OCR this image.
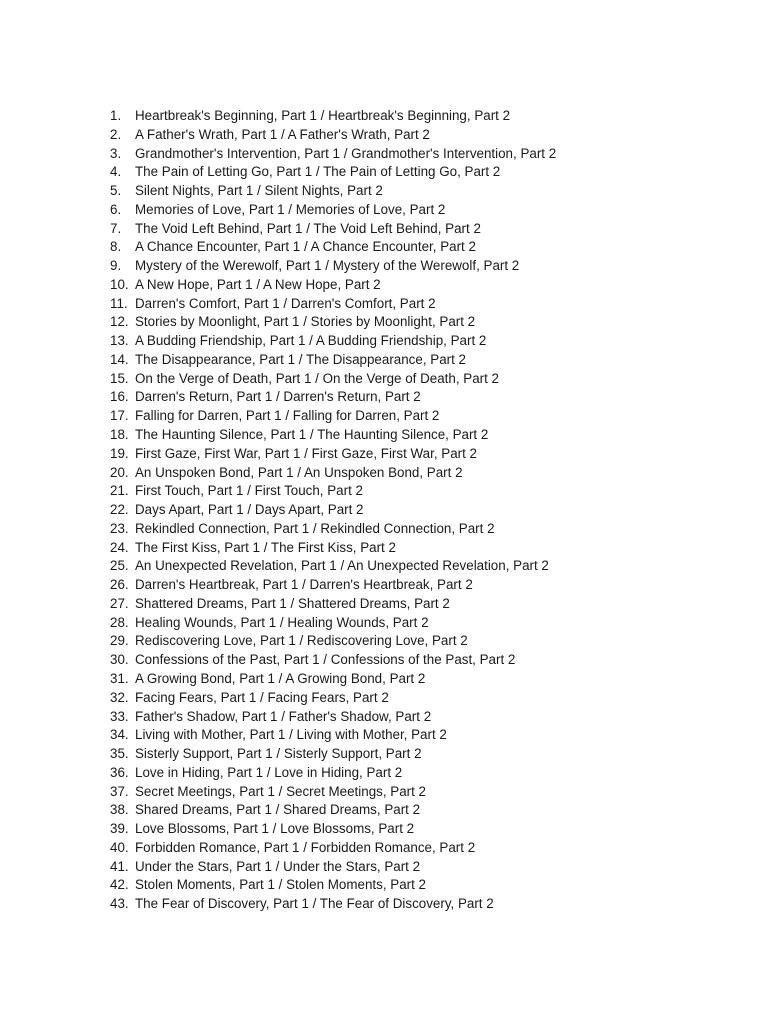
1.	Heartbreak's Beginning, Part 1 / Heartbreak's Beginning, Part 2
2.	A Father's Wrath, Part 1 / A Father's Wrath, Part 2
3.	Grandmother's Intervention, Part 1 / Grandmother's Intervention, Part 2
4.	The Pain of Letting Go, Part 1 / The Pain of Letting Go, Part 2
5.	Silent Nights, Part 1 / Silent Nights, Part 2
6.	Memories of Love, Part 1 / Memories of Love, Part 2
7.	The Void Left Behind, Part 1 / The Void Left Behind, Part 2
8.	A Chance Encounter, Part 1 / A Chance Encounter, Part 2
9.	Mystery of the Werewolf, Part 1 / Mystery of the Werewolf, Part 2
10. A New Hope, Part 1 / A New Hope, Part 2
11. Darren's Comfort, Part 1 / Darren's Comfort, Part 2
12. Stories by Moonlight, Part 1 / Stories by Moonlight, Part 2
13. A Budding Friendship, Part 1 / A Budding Friendship, Part 2
14. The Disappearance, Part 1 / The Disappearance, Part 2
15. On the Verge of Death, Part 1 / On the Verge of Death, Part 2
16. Darren's Return, Part 1 / Darren's Return, Part 2
17. Falling for Darren, Part 1 / Falling for Darren, Part 2
18. The Haunting Silence, Part 1 / The Haunting Silence, Part 2
19. First Gaze, First War, Part 1 / First Gaze, First War, Part 2
20. An Unspoken Bond, Part 1 / An Unspoken Bond, Part 2
21. First Touch, Part 1 / First Touch, Part 2
22. Days Apart, Part 1 / Days Apart, Part 2
23. Rekindled Connection, Part 1 / Rekindled Connection, Part 2
24. The First Kiss, Part 1 / The First Kiss, Part 2
25. An Unexpected Revelation, Part 1 / An Unexpected Revelation, Part 2
26. Darren's Heartbreak, Part 1 / Darren's Heartbreak, Part 2
27. Shattered Dreams, Part 1 / Shattered Dreams, Part 2
28. Healing Wounds, Part 1 / Healing Wounds, Part 2
29. Rediscovering Love, Part 1 / Rediscovering Love, Part 2
30. Confessions of the Past, Part 1 / Confessions of the Past, Part 2
31. A Growing Bond, Part 1 / A Growing Bond, Part 2
32. Facing Fears, Part 1 / Facing Fears, Part 2
33. Father's Shadow, Part 1 / Father's Shadow, Part 2
34. Living with Mother, Part 1 / Living with Mother, Part 2
35. Sisterly Support, Part 1 / Sisterly Support, Part 2
36. Love in Hiding, Part 1 / Love in Hiding, Part 2
37. Secret Meetings, Part 1 / Secret Meetings, Part 2
38. Shared Dreams, Part 1 / Shared Dreams, Part 2
39. Love Blossoms, Part 1 / Love Blossoms, Part 2
40. Forbidden Romance, Part 1 / Forbidden Romance, Part 2
41. Under the Stars, Part 1 / Under the Stars, Part 2
42. Stolen Moments, Part 1 / Stolen Moments, Part 2
43. The Fear of Discovery, Part 1 / The Fear of Discovery, Part 2
